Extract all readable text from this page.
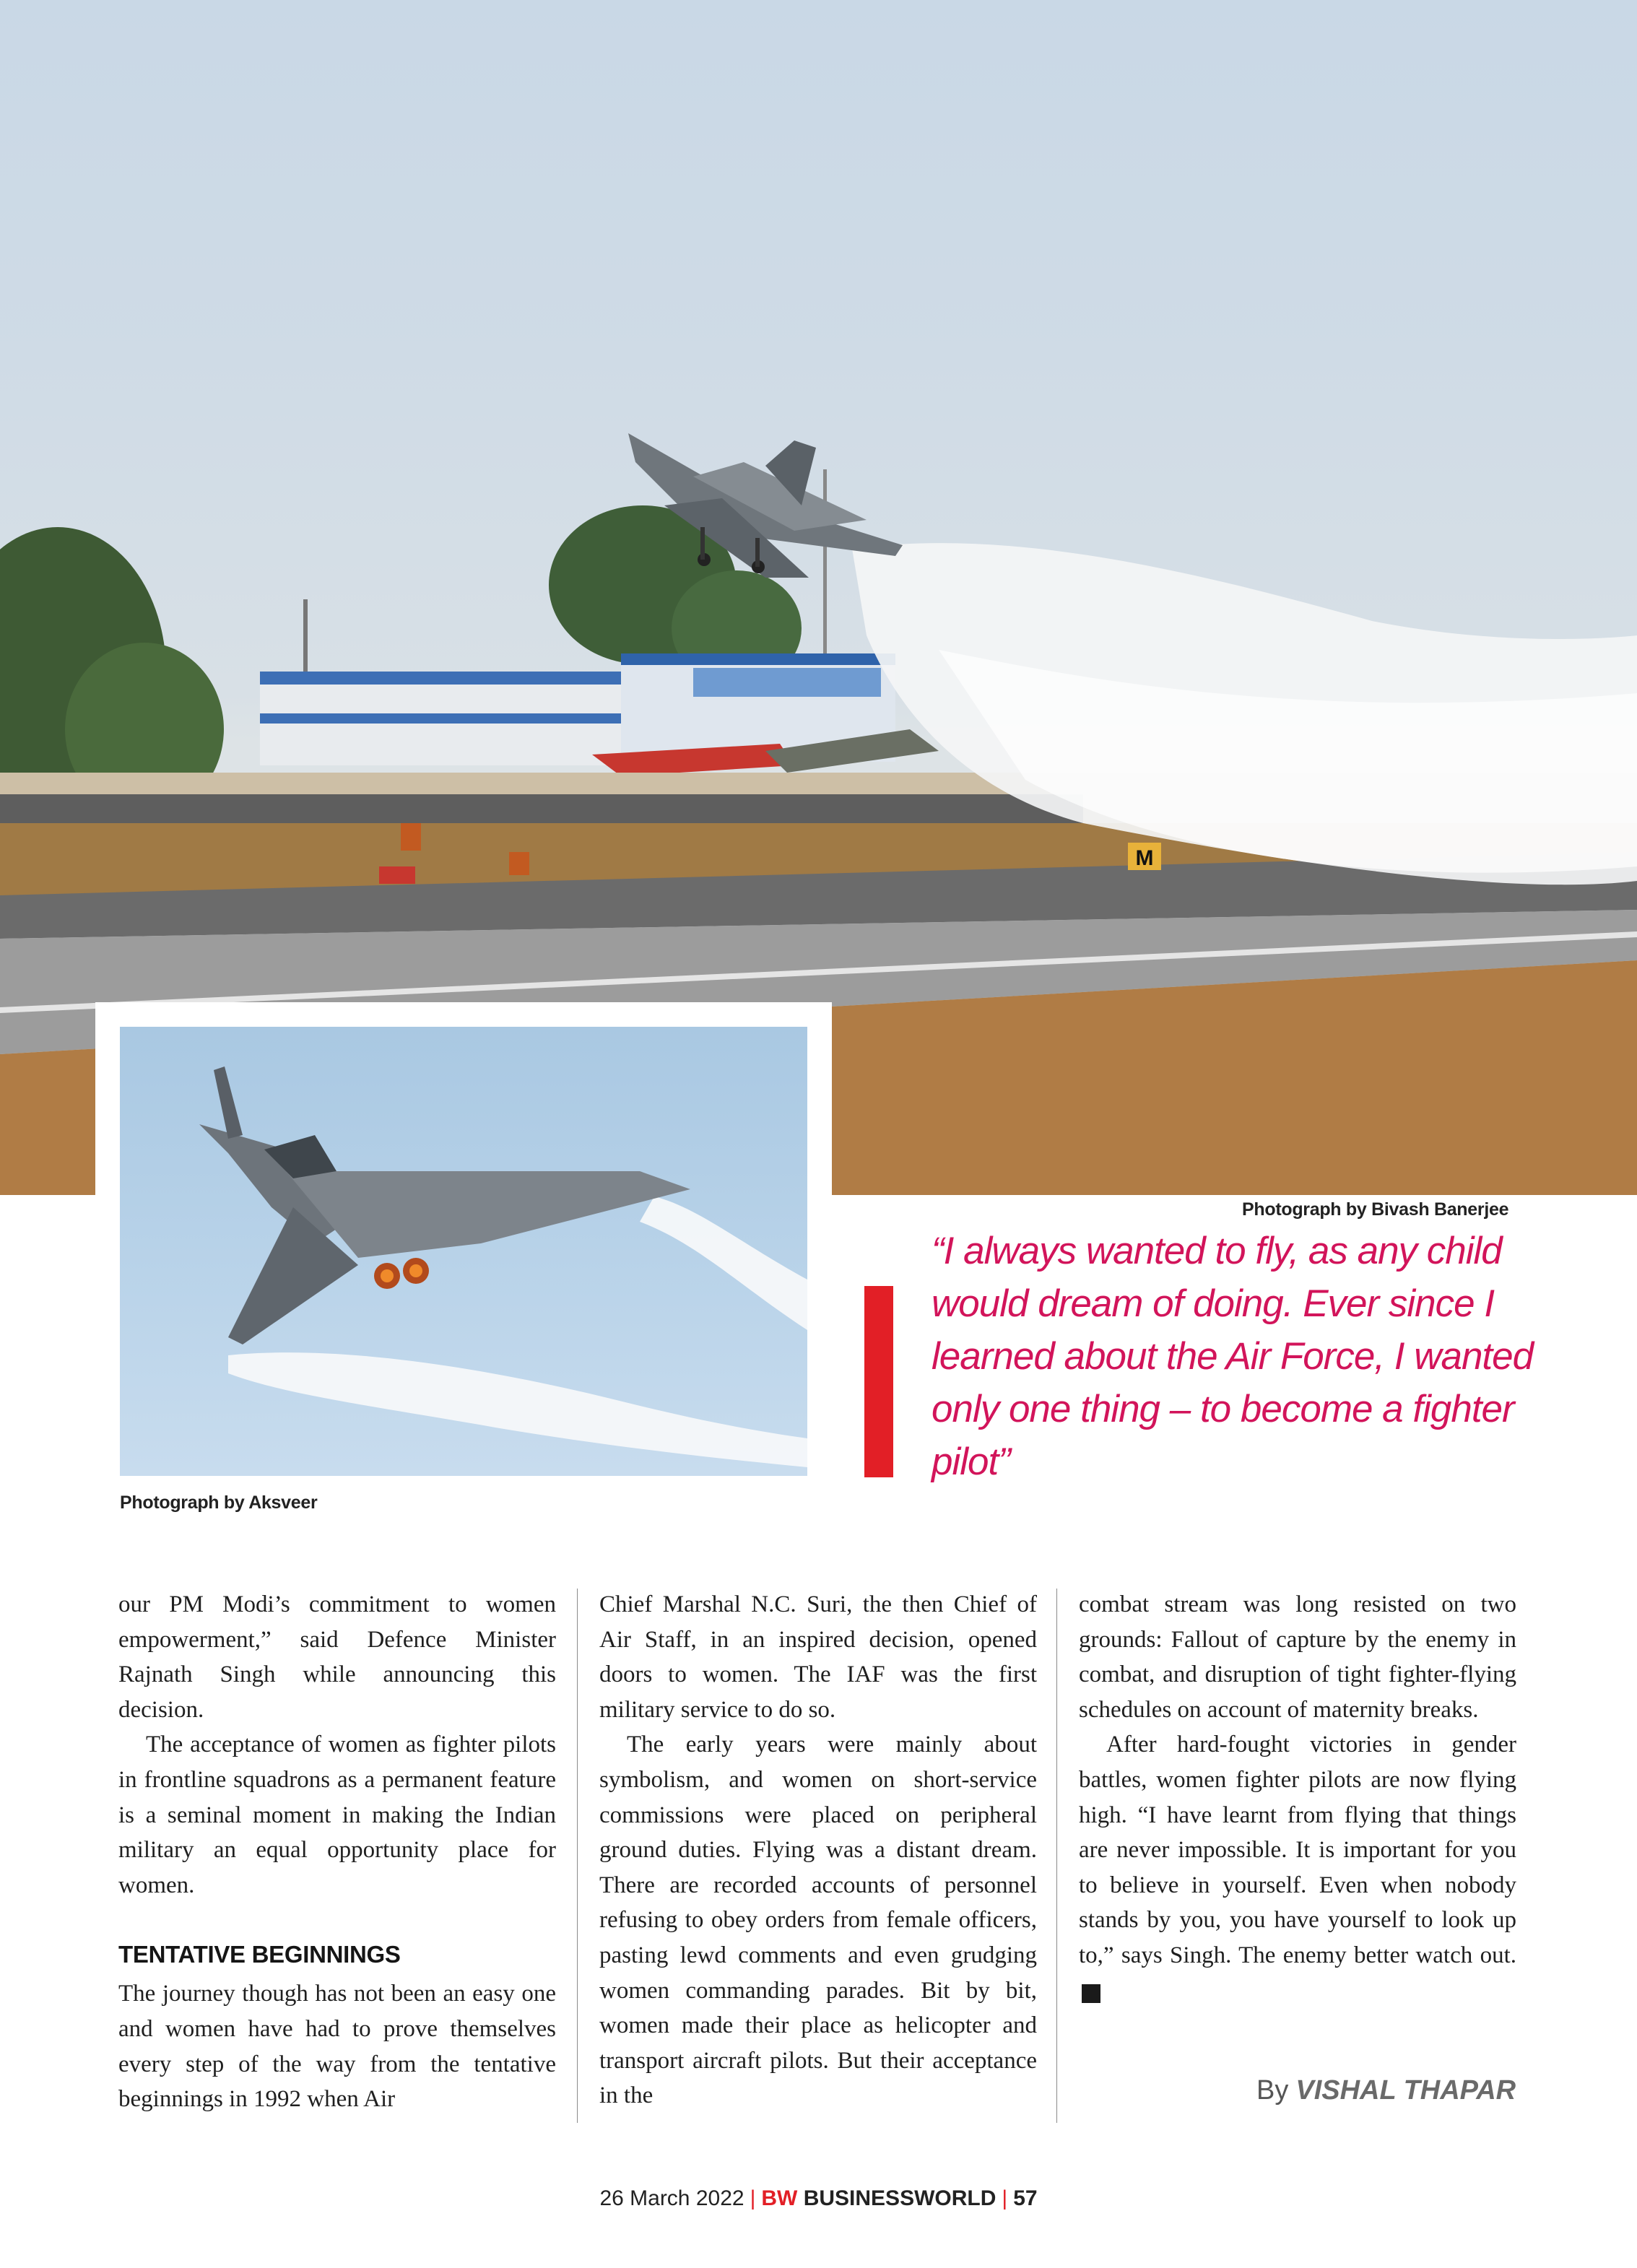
M
Photograph by Bivash Banerjee
Photograph by Aksveer
“I always wanted to fly, as any child would dream of doing. Ever since I learned about the Air Force, I wanted only one thing – to become a fighter pilot”

our PM Modi’s commitment to women empowerment,” said Defence Minister Rajnath Singh while announcing this decision.

The acceptance of women as fighter pilots in frontline squadrons as a permanent feature is a seminal moment in making the Indian military an equal opportunity place for women.

TENTATIVE BEGINNINGS

The journey though has not been an easy one and women have had to prove themselves every step of the way from the tentative beginnings in 1992 when Air

Chief Marshal N.C. Suri, the then Chief of Air Staff, in an inspired decision, opened doors to women. The IAF was the first military service to do so.

The early years were mainly about symbolism, and women on short-service commissions were placed on peripheral ground duties. Flying was a distant dream. There are recorded accounts of personnel refusing to obey orders from female officers, pasting lewd comments and even grudging women commanding parades. Bit by bit, women made their place as helicopter and transport aircraft pilots. But their acceptance in the

combat stream was long resisted on two grounds: Fallout of capture by the enemy in combat, and disruption of tight fighter-flying schedules on account of maternity breaks.

After hard-fought victories in gender battles, women fighter pilots are now flying high. “I have learnt from flying that things are never impossible. It is important for you to believe in yourself. Even when nobody stands by you, you have yourself to look up to,” says Singh. The enemy better watch out.BW

By VISHAL THAPAR
26 March 2022 | BW BUSINESSWORLD | 57
